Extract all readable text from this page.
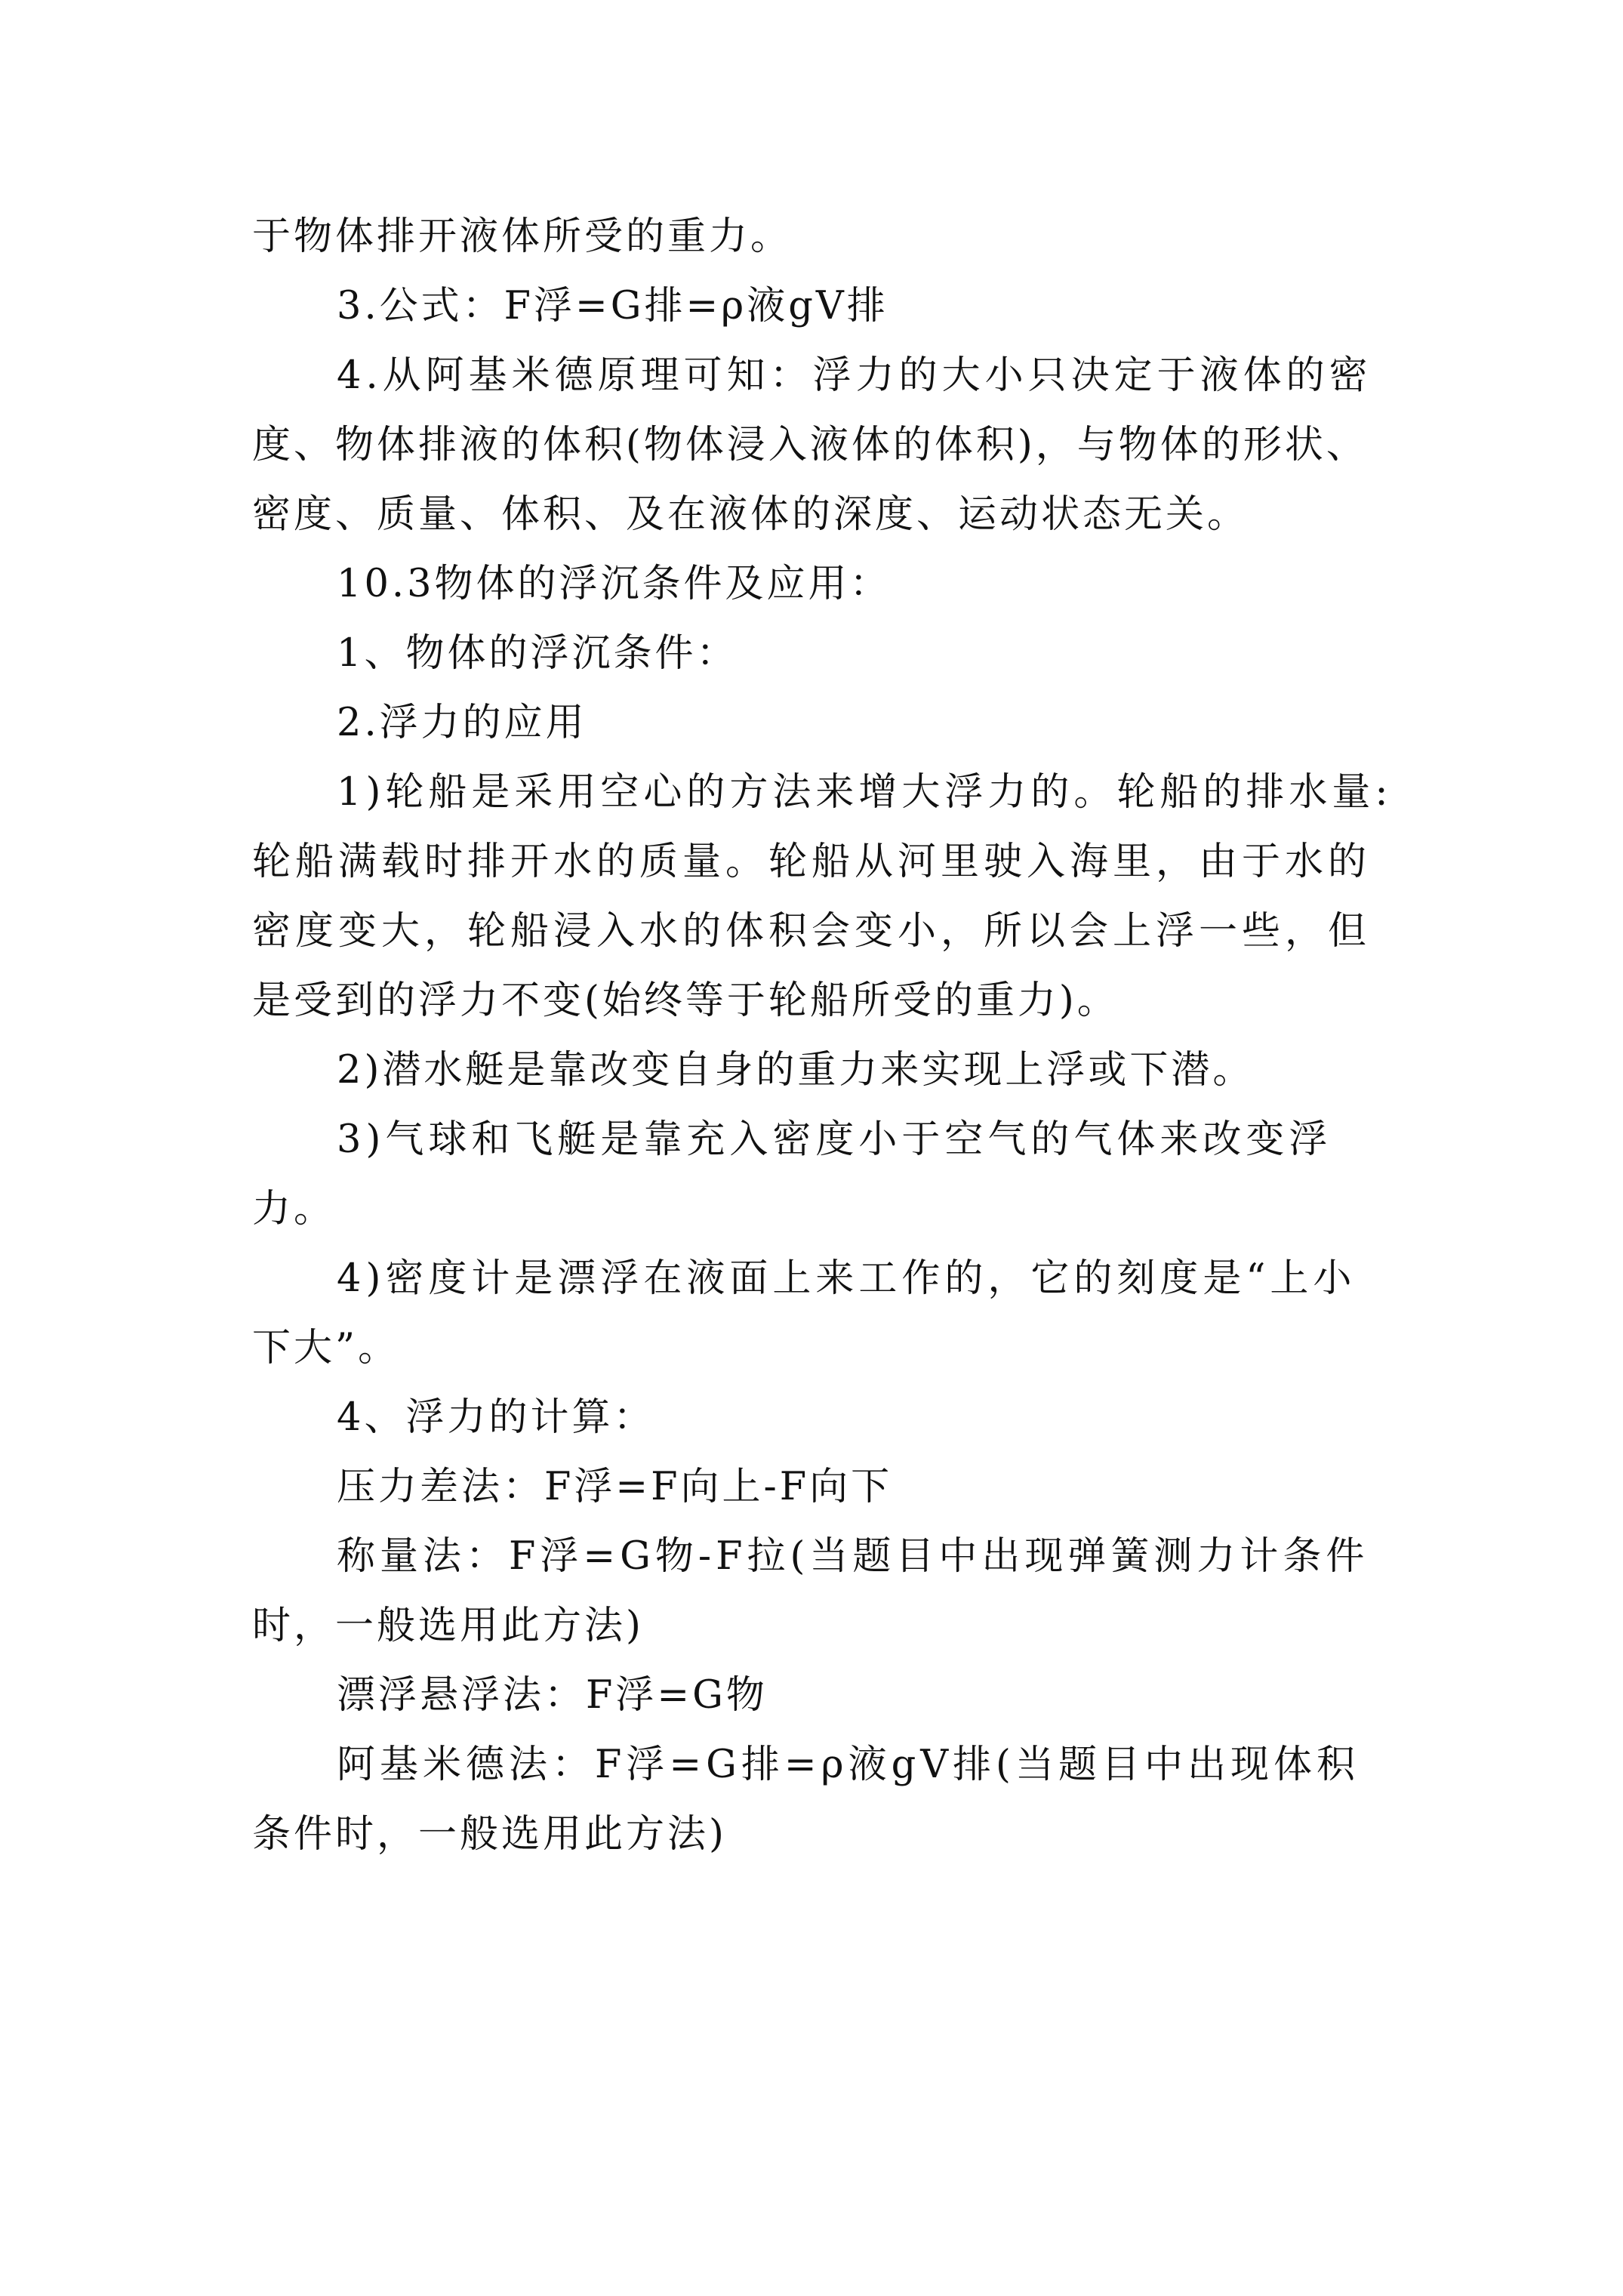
于物体排开液体所受的重力。
3.公式：F浮=G排=ρ液gV排
4.从阿基米德原理可知：浮力的大小只决定于液体的密
度、物体排液的体积(物体浸入液体的体积)，与物体的形状、
密度、质量、体积、及在液体的深度、运动状态无关。
10.3物体的浮沉条件及应用：
1、物体的浮沉条件：
2.浮力的应用
1)轮船是采用空心的方法来增大浮力的。轮船的排水量:
轮船满载时排开水的质量。轮船从河里驶入海里，由于水的
密度变大，轮船浸入水的体积会变小，所以会上浮一些，但
是受到的浮力不变(始终等于轮船所受的重力)。
2)潜水艇是靠改变自身的重力来实现上浮或下潜。
3)气球和飞艇是靠充入密度小于空气的气体来改变浮
力。
4)密度计是漂浮在液面上来工作的，它的刻度是“上小
下大”。
4、浮力的计算：
压力差法：F浮=F向上-F向下
称量法：F浮=G物-F拉(当题目中出现弹簧测力计条件
时，一般选用此方法)
漂浮悬浮法：F浮=G物
阿基米德法：F浮=G排=ρ液gV排(当题目中出现体积
条件时，一般选用此方法)
